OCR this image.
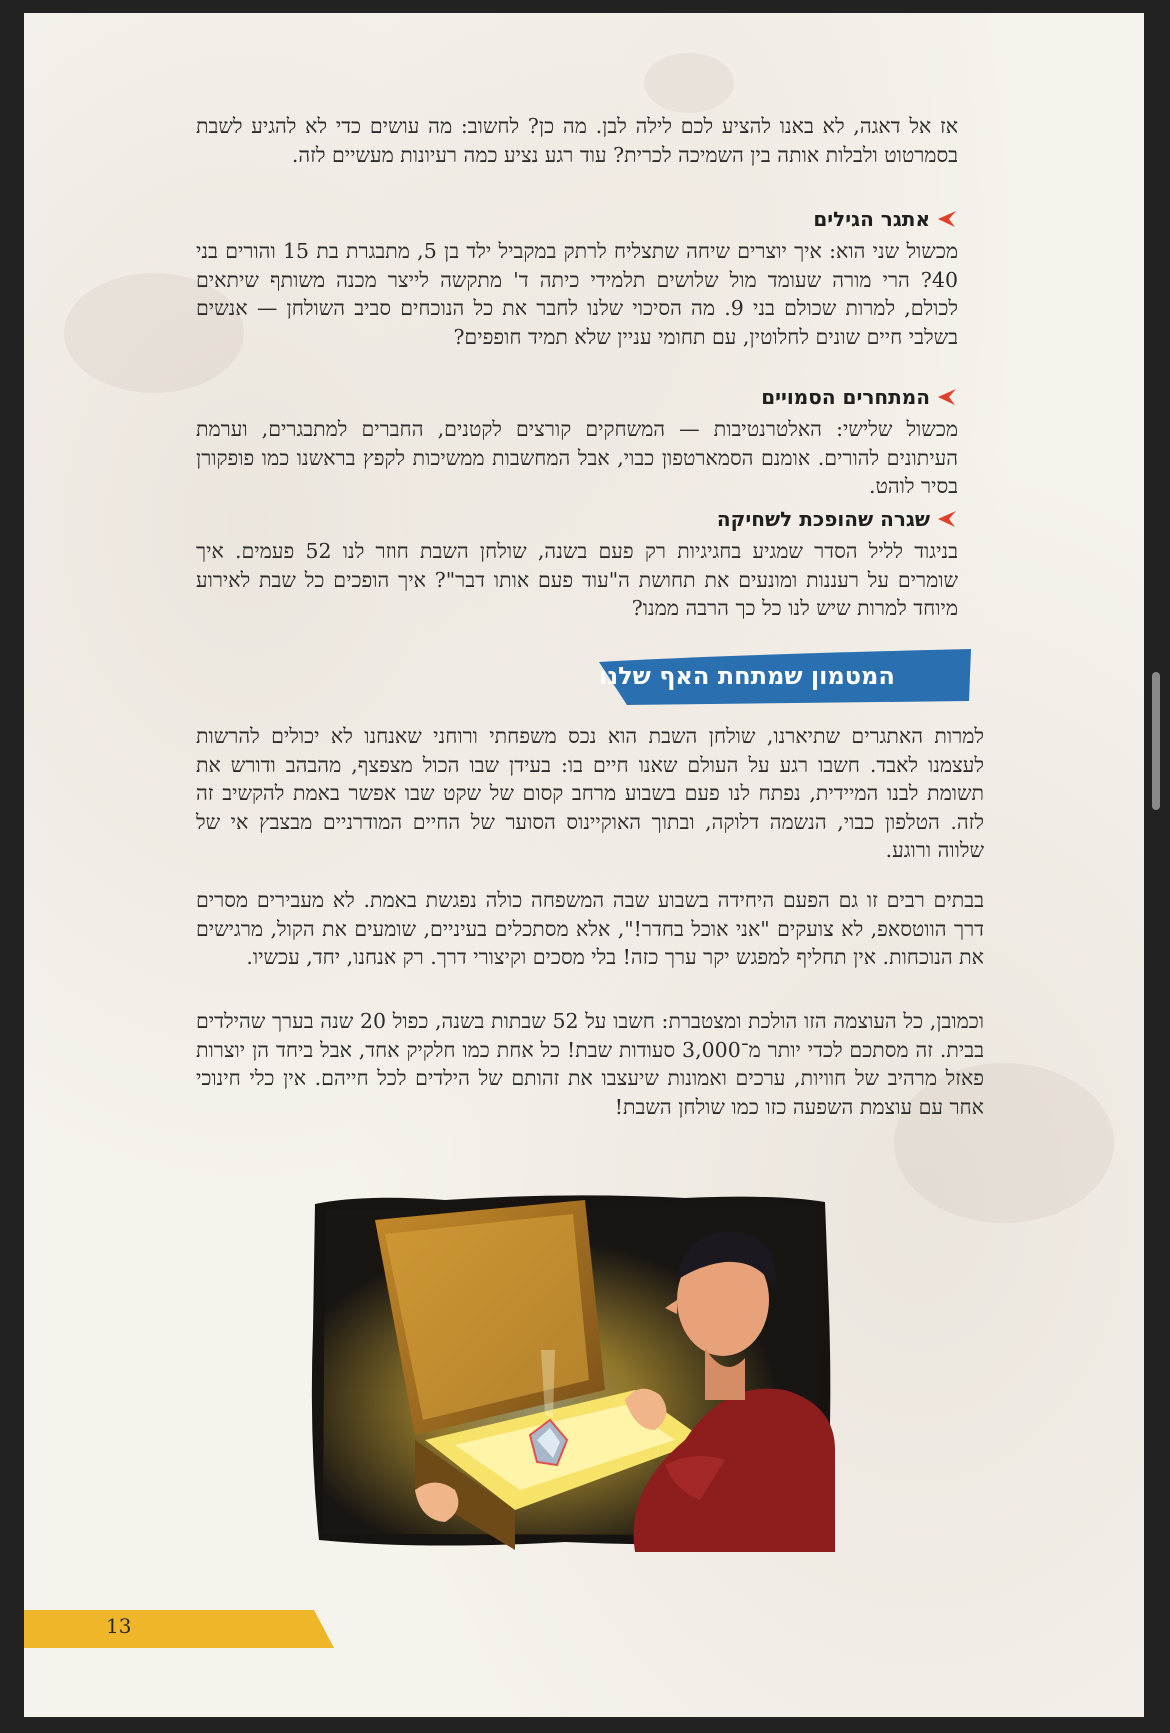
אז אל דאגה, לא באנו להציע לכם לילה לבן. מה כן? לחשוב: מה עושים כדי לא להגיע לשבת בסמרטוט ולבלות אותה בין השמיכה לכרית? עוד רגע נציע כמה רעיונות מעשיים לזה.

אתגר הגילים

מכשול שני הוא: איך יוצרים שיחה שתצליח לרתק במקביל ילד בן 5, מתבגרת בת 15 והורים בני 40? הרי מורה שעומד מול שלושים תלמידי כיתה ד' מתקשה לייצר מכנה משותף שיתאים לכולם, למרות שכולם בני 9. מה הסיכוי שלנו לחבר את כל הנוכחים סביב השולחן — אנשים בשלבי חיים שונים לחלוטין, עם תחומי עניין שלא תמיד חופפים?

המתחרים הסמויים

מכשול שלישי: האלטרנטיבות — המשחקים קורצים לקטנים, החברים למתבגרים, וערמת העיתונים להורים. אומנם הסמארטפון כבוי, אבל המחשבות ממשיכות לקפץ בראשנו כמו פופקורן בסיר לוהט.

שגרה שהופכת לשחיקה

בניגוד לליל הסדר שמגיע בחגיגיות רק פעם בשנה, שולחן השבת חוזר לנו 52 פעמים. איך שומרים על רעננות ומונעים את תחושת ה"עוד פעם אותו דבר"? איך הופכים כל שבת לאירוע מיוחד למרות שיש לנו כל כך הרבה ממנו?

המטמון שמתחת האף שלנו

למרות האתגרים שתיארנו, שולחן השבת הוא נכס משפחתי ורוחני שאנחנו לא יכולים להרשות לעצמנו לאבד. חשבו רגע על העולם שאנו חיים בו: בעידן שבו הכול מצפצף, מהבהב ודורש את תשומת לבנו המיידית, נפתח לנו פעם בשבוע מרחב קסום של שקט שבו אפשר באמת להקשיב זה לזה. הטלפון כבוי, הנשמה דלוקה, ובתוך האוקיינוס הסוער של החיים המודרניים מבצבץ אי של שלווה ורוגע.

בבתים רבים זו גם הפעם היחידה בשבוע שבה המשפחה כולה נפגשת באמת. לא מעבירים מסרים דרך הווטסאפ, לא צועקים "אני אוכל בחדר!", אלא מסתכלים בעיניים, שומעים את הקול, מרגישים את הנוכחות. אין תחליף למפגש יקר ערך כזה! בלי מסכים וקיצורי דרך. רק אנחנו, יחד, עכשיו.

וכמובן, כל העוצמה הזו הולכת ומצטברת: חשבו על 52 שבתות בשנה, כפול 20 שנה בערך שהילדים בבית. זה מסתכם לכדי יותר מ־3,000 סעודות שבת! כל אחת כמו חלקיק אחד, אבל ביחד הן יוצרות פאזל מרהיב של חוויות, ערכים ואמונות שיעצבו את זהותם של הילדים לכל חייהם. אין כלי חינוכי אחר עם עוצמת השפעה כזו כמו שולחן השבת!

13
